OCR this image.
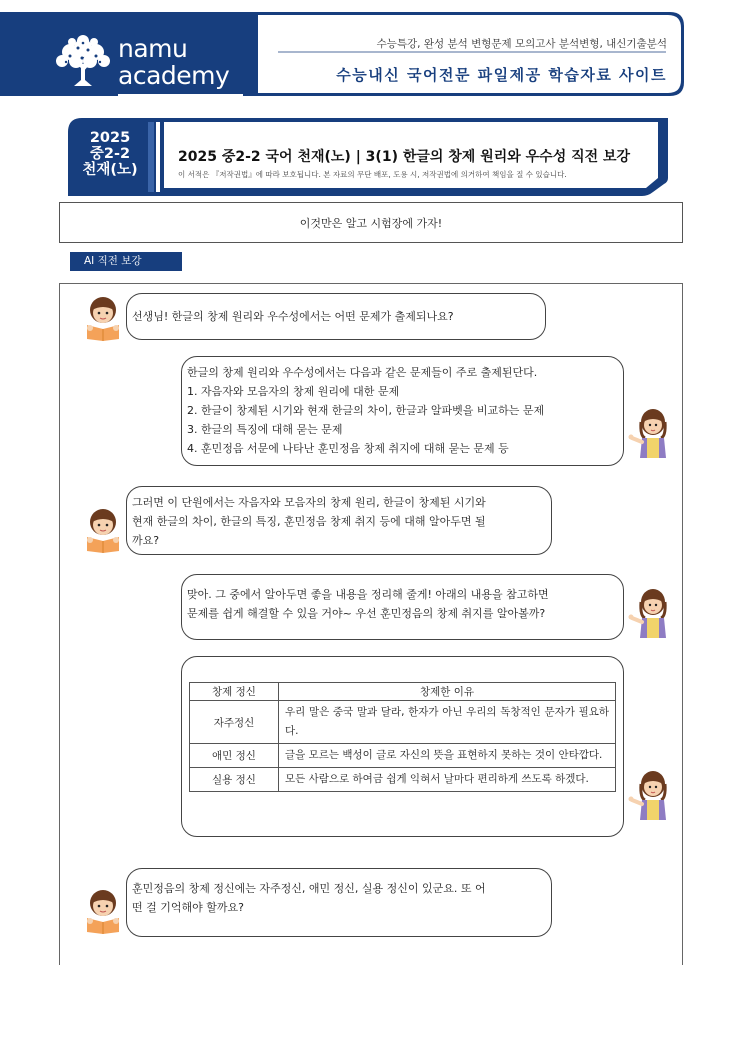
namu
academy
수능특강, 완성 분석 변형문제 모의고사 분석변형, 내신기출분석
수능내신 국어전문 파일제공 학습자료 사이트
2025
중2-2
천재(노)
2025 중2-2 국어 천재(노) | 3(1) 한글의 창제 원리와 우수성 직전 보강
이 서적은 『저작권법』에 따라 보호됩니다. 본 자료의 무단 배포, 도용 시, 저작권법에 의거하여 책임을 질 수 있습니다.
이것만은 알고 시험장에 가자!
AI 직전 보강
선생님! 한글의 창제 원리와 우수성에서는 어떤 문제가 출제되나요?
한글의 창제 원리와 우수성에서는 다음과 같은 문제들이 주로 출제된단다.
1. 자음자와 모음자의 창제 원리에 대한 문제
2. 한글이 창제된 시기와 현재 한글의 차이, 한글과 알파벳을 비교하는 문제
3. 한글의 특징에 대해 묻는 문제
4. 훈민정음 서문에 나타난 훈민정음 창제 취지에 대해 묻는 문제 등
그러면 이 단원에서는 자음자와 모음자의 창제 원리, 한글이 창제된 시기와
현재 한글의 차이, 한글의 특징, 훈민정음 창제 취지 등에 대해 알아두면 될
까요?
맞아. 그 중에서 알아두면 좋을 내용을 정리해 줄게! 아래의 내용을 참고하면
문제를 쉽게 해결할 수 있을 거야~ 우선 훈민정음의 창제 취지를 알아볼까?
창제 정신	창제한 이유
자주정신	우리 말은 중국 말과 달라, 한자가 아닌 우리의 독창적인 문자가 필요하다.
애민 정신	글을 모르는 백성이 글로 자신의 뜻을 표현하지 못하는 것이 안타깝다.
실용 정신	모든 사람으로 하여금 쉽게 익혀서 날마다 편리하게 쓰도록 하겠다.
훈민정음의 창제 정신에는 자주정신, 애민 정신, 실용 정신이 있군요. 또 어
떤 걸 기억해야 할까요?
